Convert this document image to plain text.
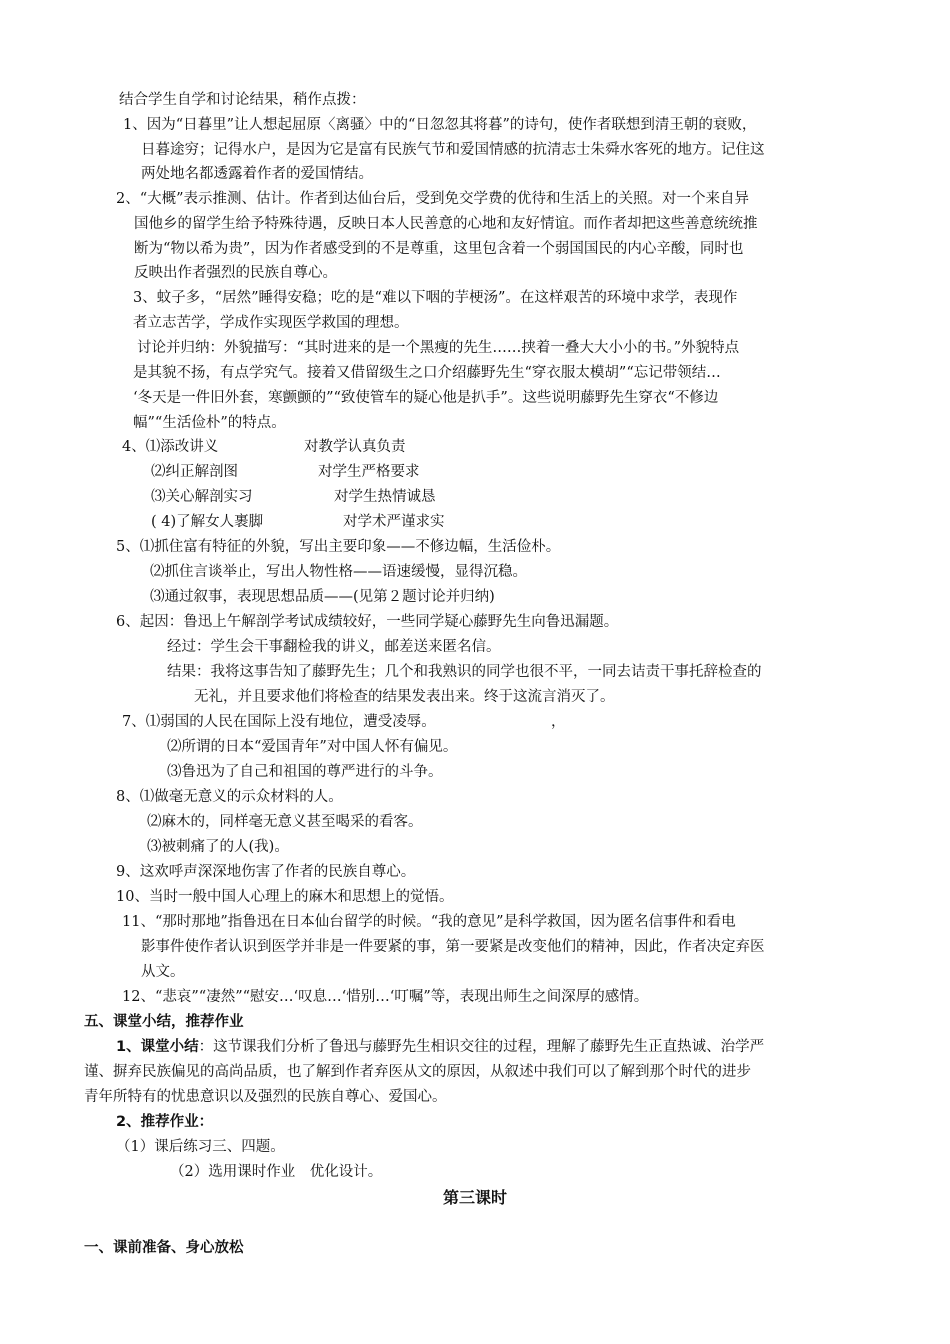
结合学生自学和讨论结果，稍作点拨：
1、因为“日暮里”让人想起屈原〈离骚〉中的“日忽忽其将暮”的诗句，使作者联想到清王朝的衰败，
日暮途穷；记得水户，是因为它是富有民族气节和爱国情感的抗清志士朱舜水客死的地方。记住这
两处地名都透露着作者的爱国情结。
2、“大概”表示推测、估计。作者到达仙台后，受到免交学费的优待和生活上的关照。对一个来自异
国他乡的留学生给予特殊待遇，反映日本人民善意的心地和友好情谊。而作者却把这些善意统统推
断为“物以希为贵”，因为作者感受到的不是尊重，这里包含着一个弱国国民的内心辛酸，同时也
反映出作者强烈的民族自尊心。
3、蚊子多，“居然”睡得安稳；吃的是“难以下咽的芋梗汤”。在这样艰苦的环境中求学，表现作
者立志苦学，学成作实现医学救国的理想。
讨论并归纳：外貌描写：“其时进来的是一个黑瘦的先生……挟着一叠大大小小的书。”外貌特点
是其貌不扬，有点学究气。接着又借留级生之口介绍藤野先生“穿衣服太模胡”“忘记带领结…
‘冬天是一件旧外套，寒颤颤的”“致使管车的疑心他是扒手”。这些说明藤野先生穿衣“不修边
幅”“生活俭朴”的特点。
4、⑴添改讲义	对教学认真负责
⑵纠正解剖图	对学生严格要求
⑶关心解剖实习	对学生热情诚恳
( 4)了解女人裹脚	对学术严谨求实
5、⑴抓住富有特征的外貌，写出主要印象——不修边幅，生活俭朴。
⑵抓住言谈举止，写出人物性格——语速缓慢，显得沉稳。
⑶通过叙事，表现思想品质——(见第２题讨论并归纳)
6、起因：鲁迅上午解剖学考试成绩较好，一些同学疑心藤野先生向鲁迅漏题。
经过：学生会干事翻检我的讲义，邮差送来匿名信。
结果：我将这事告知了藤野先生；几个和我熟识的同学也很不平，一同去诘责干事托辞检查的
无礼，并且要求他们将检查的结果发表出来。终于这流言消灭了。
7、⑴弱国的人民在国际上没有地位，遭受凌辱。	，
⑵所谓的日本“爱国青年”对中国人怀有偏见。
⑶鲁迅为了自己和祖国的尊严进行的斗争。
8、⑴做毫无意义的示众材料的人。
⑵麻木的，同样毫无意义甚至喝采的看客。
⑶被刺痛了的人(我)。
9、这欢呼声深深地伤害了作者的民族自尊心。
10、当时一般中国人心理上的麻木和思想上的觉悟。
11、“那时那地”指鲁迅在日本仙台留学的时候。“我的意见”是科学救国，因为匿名信事件和看电
影事件使作者认识到医学并非是一件要紧的事，第一要紧是改变他们的精神，因此，作者决定弃医
从文。
12、“悲哀”“凄然”“慰安…‘叹息…‘惜别…‘叮嘱”等，表现出师生之间深厚的感情。
五、课堂小结，推荐作业
1、课堂小结：这节课我们分析了鲁迅与藤野先生相识交往的过程，理解了藤野先生正直热诚、治学严
谨、摒弃民族偏见的高尚品质，也了解到作者弃医从文的原因，从叙述中我们可以了解到那个时代的进步
青年所特有的忧患意识以及强烈的民族自尊心、爱国心。
2、推荐作业：
（1）课后练习三、四题。
（2）选用课时作业　优化设计。
第三课时
一、课前准备、身心放松
